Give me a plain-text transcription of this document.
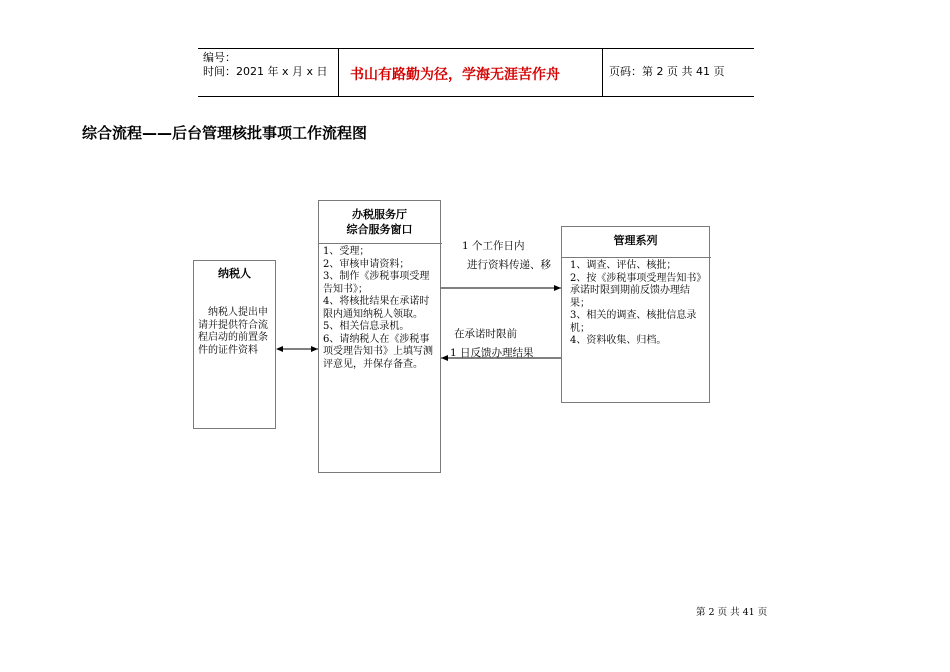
编号：
时间：2021 年 x 月 x 日 书山有路勤为径，学海无涯苦作舟	页码：第 2 页 共 41 页
综合流程——后台管理核批事项工作流程图
纳税人
纳税人提出申请并提供符合流程启动的前置条件的证件资料
办税服务厅
综合服务窗口
1、受理；
2、审核申请资料；
3、制作《涉税事项受理告知书》；
4、将核批结果在承诺时限内通知纳税人领取。
5、相关信息录机。
6、请纳税人在《涉税事项受理告知书》上填写测评意见，并保存备查。
管理系列
1、调查、评估、核批；
2、按《涉税事项受理告知书》承诺时限到期前反馈办理结果；
3、相关的调查、核批信息录机；
4、资料收集、归档。
1 个工作日内
进行资料传递、移
在承诺时限前
1 日反馈办理结果
第 2 页 共 41 页
